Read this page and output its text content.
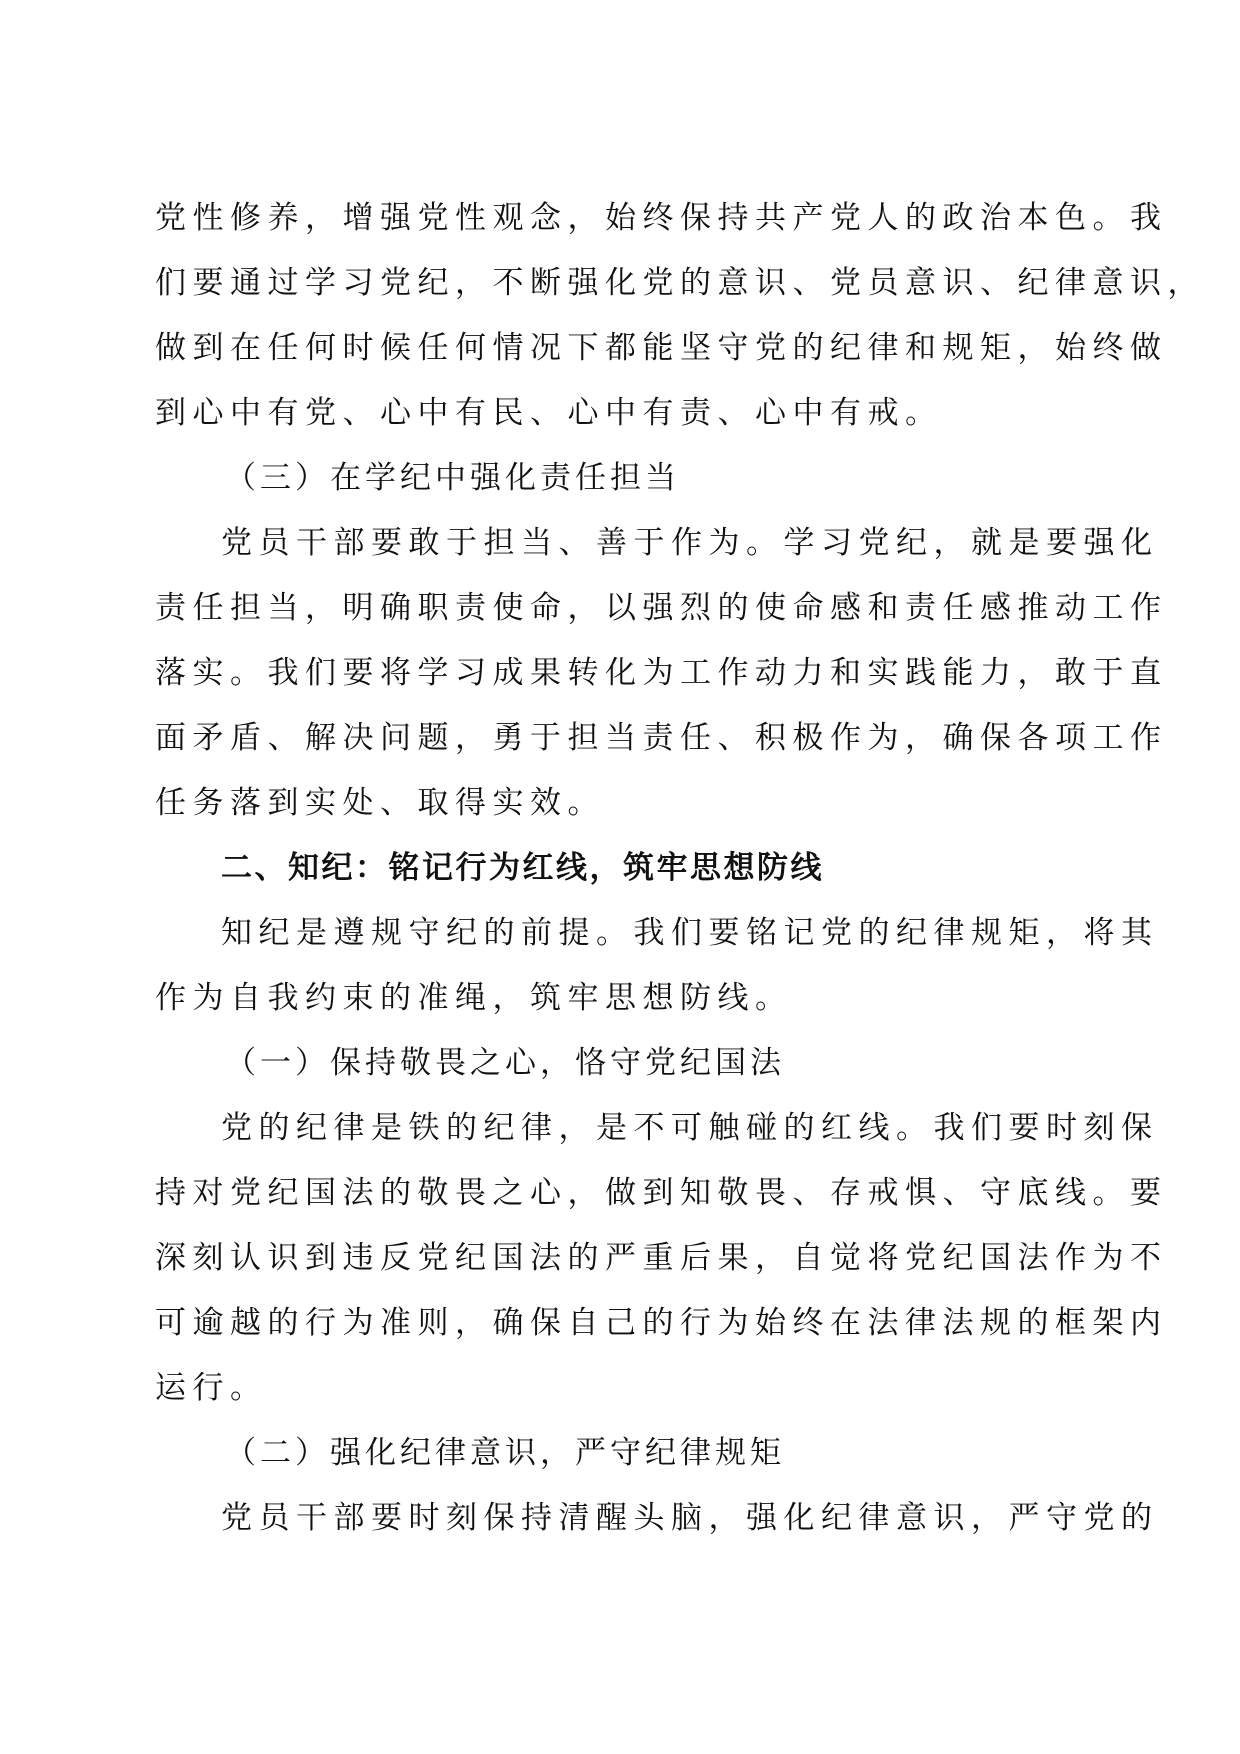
党性修养，增强党性观念，始终保持共产党人的政治本色。我
们要通过学习党纪，不断强化党的意识、党员意识、纪律意识，
做到在任何时候任何情况下都能坚守党的纪律和规矩，始终做
到心中有党、心中有民、心中有责、心中有戒。
（三）在学纪中强化责任担当
党员干部要敢于担当、善于作为。学习党纪，就是要强化
责任担当，明确职责使命，以强烈的使命感和责任感推动工作
落实。我们要将学习成果转化为工作动力和实践能力，敢于直
面矛盾、解决问题，勇于担当责任、积极作为，确保各项工作
任务落到实处、取得实效。
二、知纪：铭记行为红线，筑牢思想防线
知纪是遵规守纪的前提。我们要铭记党的纪律规矩，将其
作为自我约束的准绳，筑牢思想防线。
（一）保持敬畏之心，恪守党纪国法
党的纪律是铁的纪律，是不可触碰的红线。我们要时刻保
持对党纪国法的敬畏之心，做到知敬畏、存戒惧、守底线。要
深刻认识到违反党纪国法的严重后果，自觉将党纪国法作为不
可逾越的行为准则，确保自己的行为始终在法律法规的框架内
运行。
（二）强化纪律意识，严守纪律规矩
党员干部要时刻保持清醒头脑，强化纪律意识，严守党的
